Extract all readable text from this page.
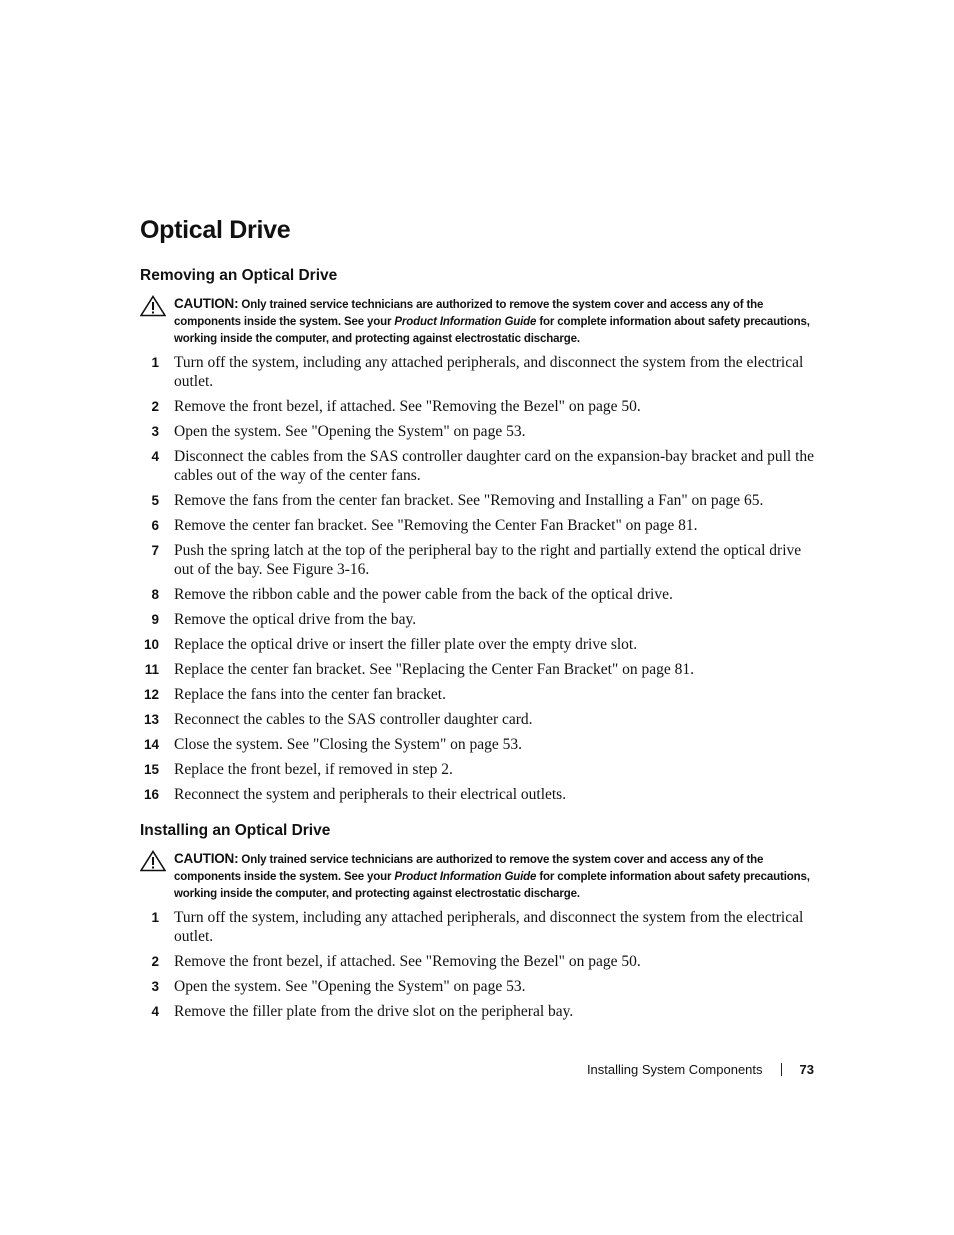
Optical Drive
Removing an Optical Drive
CAUTION: Only trained service technicians are authorized to remove the system cover and access any of the components inside the system. See your Product Information Guide for complete information about safety precautions, working inside the computer, and protecting against electrostatic discharge.
1 Turn off the system, including any attached peripherals, and disconnect the system from the electrical outlet.
2 Remove the front bezel, if attached. See "Removing the Bezel" on page 50.
3 Open the system. See "Opening the System" on page 53.
4 Disconnect the cables from the SAS controller daughter card on the expansion-bay bracket and pull the cables out of the way of the center fans.
5 Remove the fans from the center fan bracket. See "Removing and Installing a Fan" on page 65.
6 Remove the center fan bracket. See "Removing the Center Fan Bracket" on page 81.
7 Push the spring latch at the top of the peripheral bay to the right and partially extend the optical drive out of the bay. See Figure 3-16.
8 Remove the ribbon cable and the power cable from the back of the optical drive.
9 Remove the optical drive from the bay.
10 Replace the optical drive or insert the filler plate over the empty drive slot.
11 Replace the center fan bracket. See "Replacing the Center Fan Bracket" on page 81.
12 Replace the fans into the center fan bracket.
13 Reconnect the cables to the SAS controller daughter card.
14 Close the system. See "Closing the System" on page 53.
15 Replace the front bezel, if removed in step 2.
16 Reconnect the system and peripherals to their electrical outlets.
Installing an Optical Drive
CAUTION: Only trained service technicians are authorized to remove the system cover and access any of the components inside the system. See your Product Information Guide for complete information about safety precautions, working inside the computer, and protecting against electrostatic discharge.
1 Turn off the system, including any attached peripherals, and disconnect the system from the electrical outlet.
2 Remove the front bezel, if attached. See "Removing the Bezel" on page 50.
3 Open the system. See "Opening the System" on page 53.
4 Remove the filler plate from the drive slot on the peripheral bay.
Installing System Components	73
